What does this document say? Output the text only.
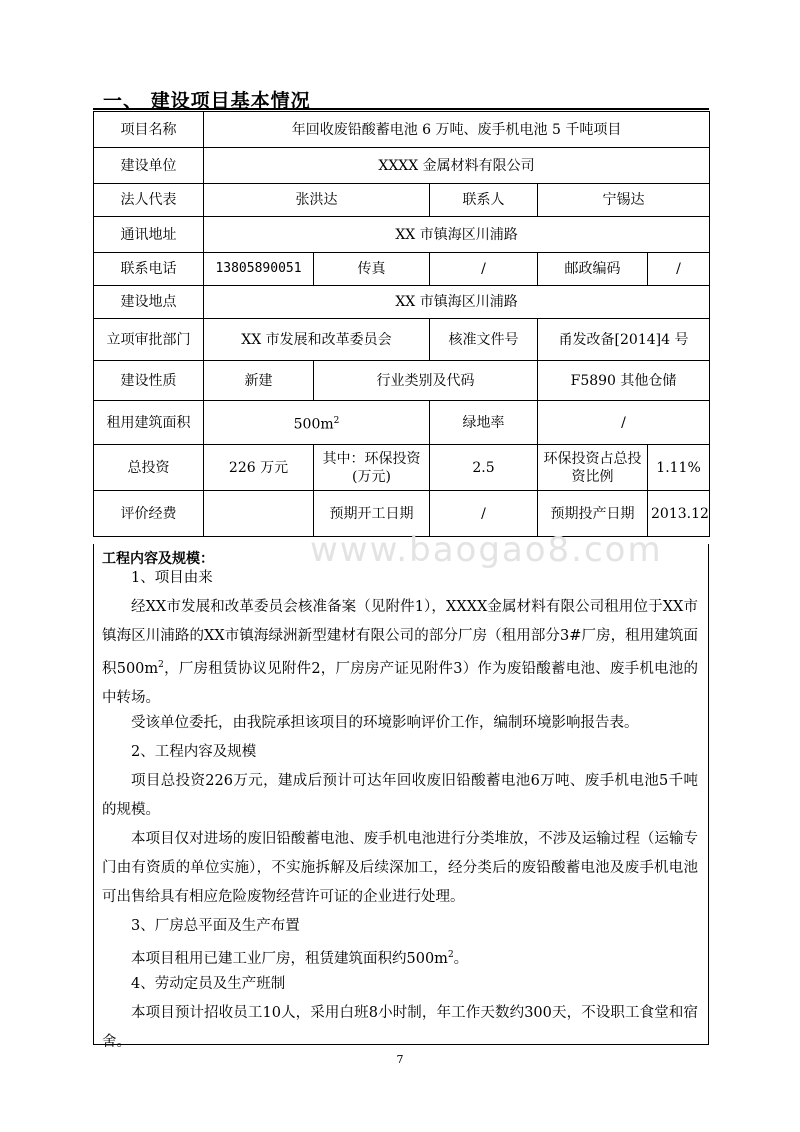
一、 建设项目基本情况
项目名称	年回收废铅酸蓄电池 6 万吨、废手机电池 5 千吨项目				
建设单位	XXXX 金属材料有限公司				
法人代表	张洪达		联系人	宁锡达	
通讯地址	XX 市镇海区川浦路				
联系电话	13805890051	传真	/	邮政编码	/
建设地点	XX 市镇海区川浦路				
立项审批部门	XX 市发展和改革委员会		核准文件号	甬发改备[2014]4 号	
建设性质	新建	行业类别及代码		F5890 其他仓储	
租用建筑面积	$500m^2$		绿地率	/	
总投资	226 万元	其中：环保投资(万元)	2.5	环保投资占总投资比例	1.11%
评价经费		预期开工日期	/	预期投产日期	2013.12
www.baogao8.com
工程内容及规模：
1、项目由来
经XX市发展和改革委员会核准备案（见附件1），XXXX金属材料有限公司租用位于XX市镇海区川浦路的XX市镇海绿洲新型建材有限公司的部分厂房（租用部分3#厂房，租用建筑面积$500m^2$，厂房租赁协议见附件2，厂房房产证见附件3）作为废铅酸蓄电池、废手机电池的中转场。
受该单位委托，由我院承担该项目的环境影响评价工作，编制环境影响报告表。
2、工程内容及规模
项目总投资226万元，建成后预计可达年回收废旧铅酸蓄电池6万吨、废手机电池5千吨的规模。
本项目仅对进场的废旧铅酸蓄电池、废手机电池进行分类堆放，不涉及运输过程（运输专门由有资质的单位实施），不实施拆解及后续深加工，经分类后的废铅酸蓄电池及废手机电池可出售给具有相应危险废物经营许可证的企业进行处理。
3、厂房总平面及生产布置
本项目租用已建工业厂房，租赁建筑面积约$500m^2$。
4、劳动定员及生产班制
本项目预计招收员工10人，采用白班8小时制，年工作天数约300天，不设职工食堂和宿舍。
7
